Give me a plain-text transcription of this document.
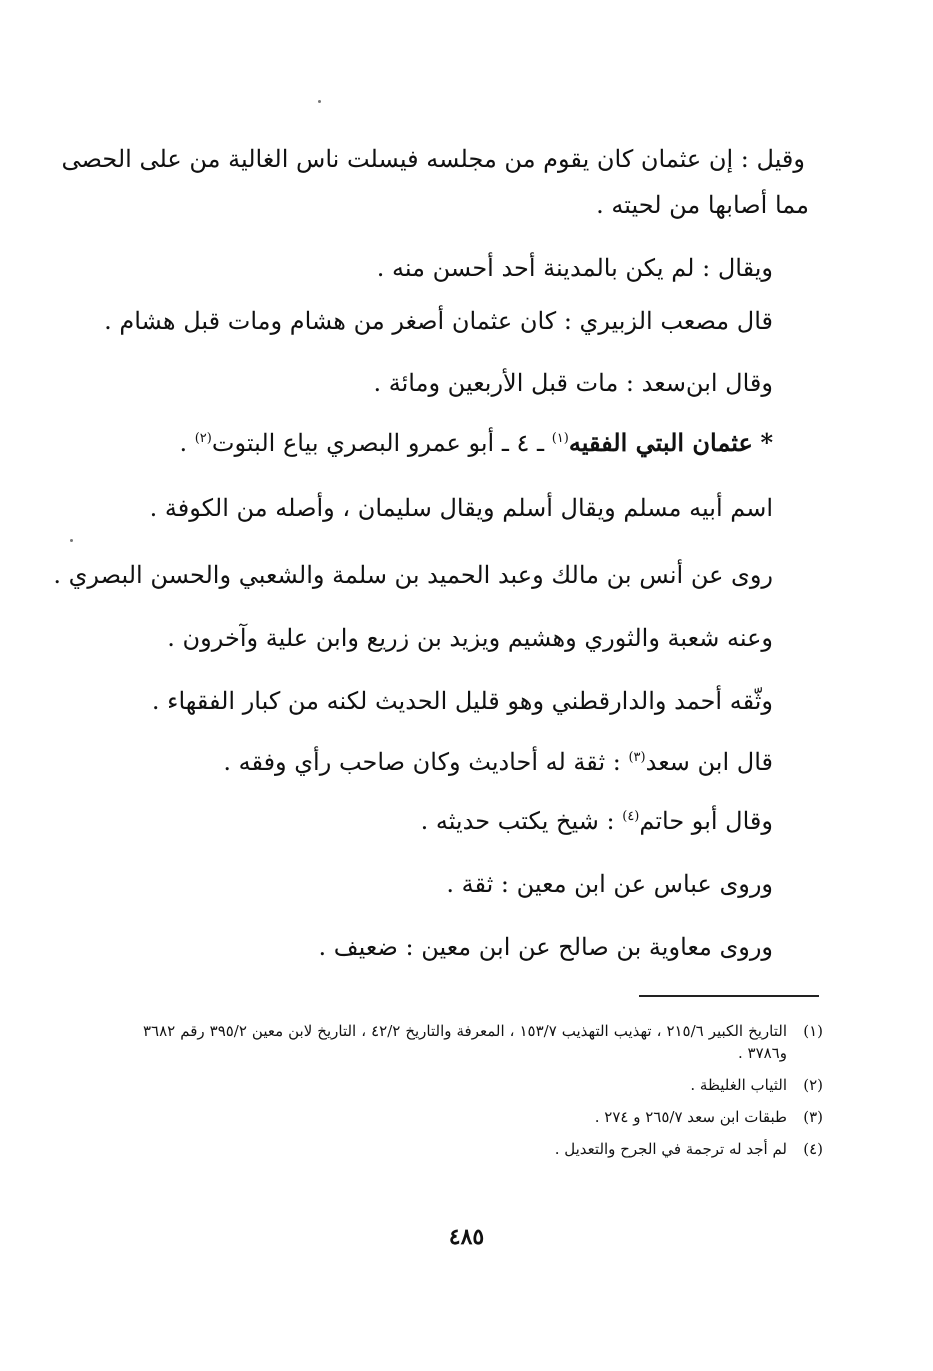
وقيل : إن عثمان كان يقوم من مجلسه فيسلت ناس الغالية من على الحصى
مما أصابها من لحيته .
ويقال : لم يكن بالمدينة أحد أحسن منه .
قال مصعب الزبيري : كان عثمان أصغر من هشام ومات قبل هشام .
وقال ابن‌سعد : مات قبل الأربعين ومائة .
* عثمان البتي الفقيه$^{(١)}$ ـ ٤ ـ أبو عمرو البصري بياع البتوت$^{(٢)}$ .
اسم أبيه مسلم ويقال أسلم ويقال سليمان ، وأصله من الكوفة .
روى عن أنس بن مالك وعبد الحميد بن سلمة والشعبي والحسن البصري .
وعنه شعبة والثوري وهشيم ويزيد بن زريع وابن علية وآخرون .
وثّقه أحمد والدارقطني وهو قليل الحديث لكنه من كبار الفقهاء .
قال ابن سعد$^{(٣)}$ : ثقة له أحاديث وكان صاحب رأي وفقه .
وقال أبو حاتم$^{(٤)}$ : شيخ يكتب حديثه .
وروى عباس عن ابن معين : ثقة .
وروى معاوية بن صالح عن ابن معين : ضعيف .
(١)
التاريخ الكبير ٢١٥/٦ ، تهذيب التهذيب ١٥٣/٧ ، المعرفة والتاريخ ٤٢/٢ ، التاريخ لابن معين ٣٩٥/٢ رقم ٣٦٨٢ و٣٧٨٦ .
(٢)
الثياب الغليظة .
(٣)
طبقات ابن سعد ٢٦٥/٧ و ٢٧٤ .
(٤)
لم أجد له ترجمة في الجرح والتعديل .
٤٨٥
